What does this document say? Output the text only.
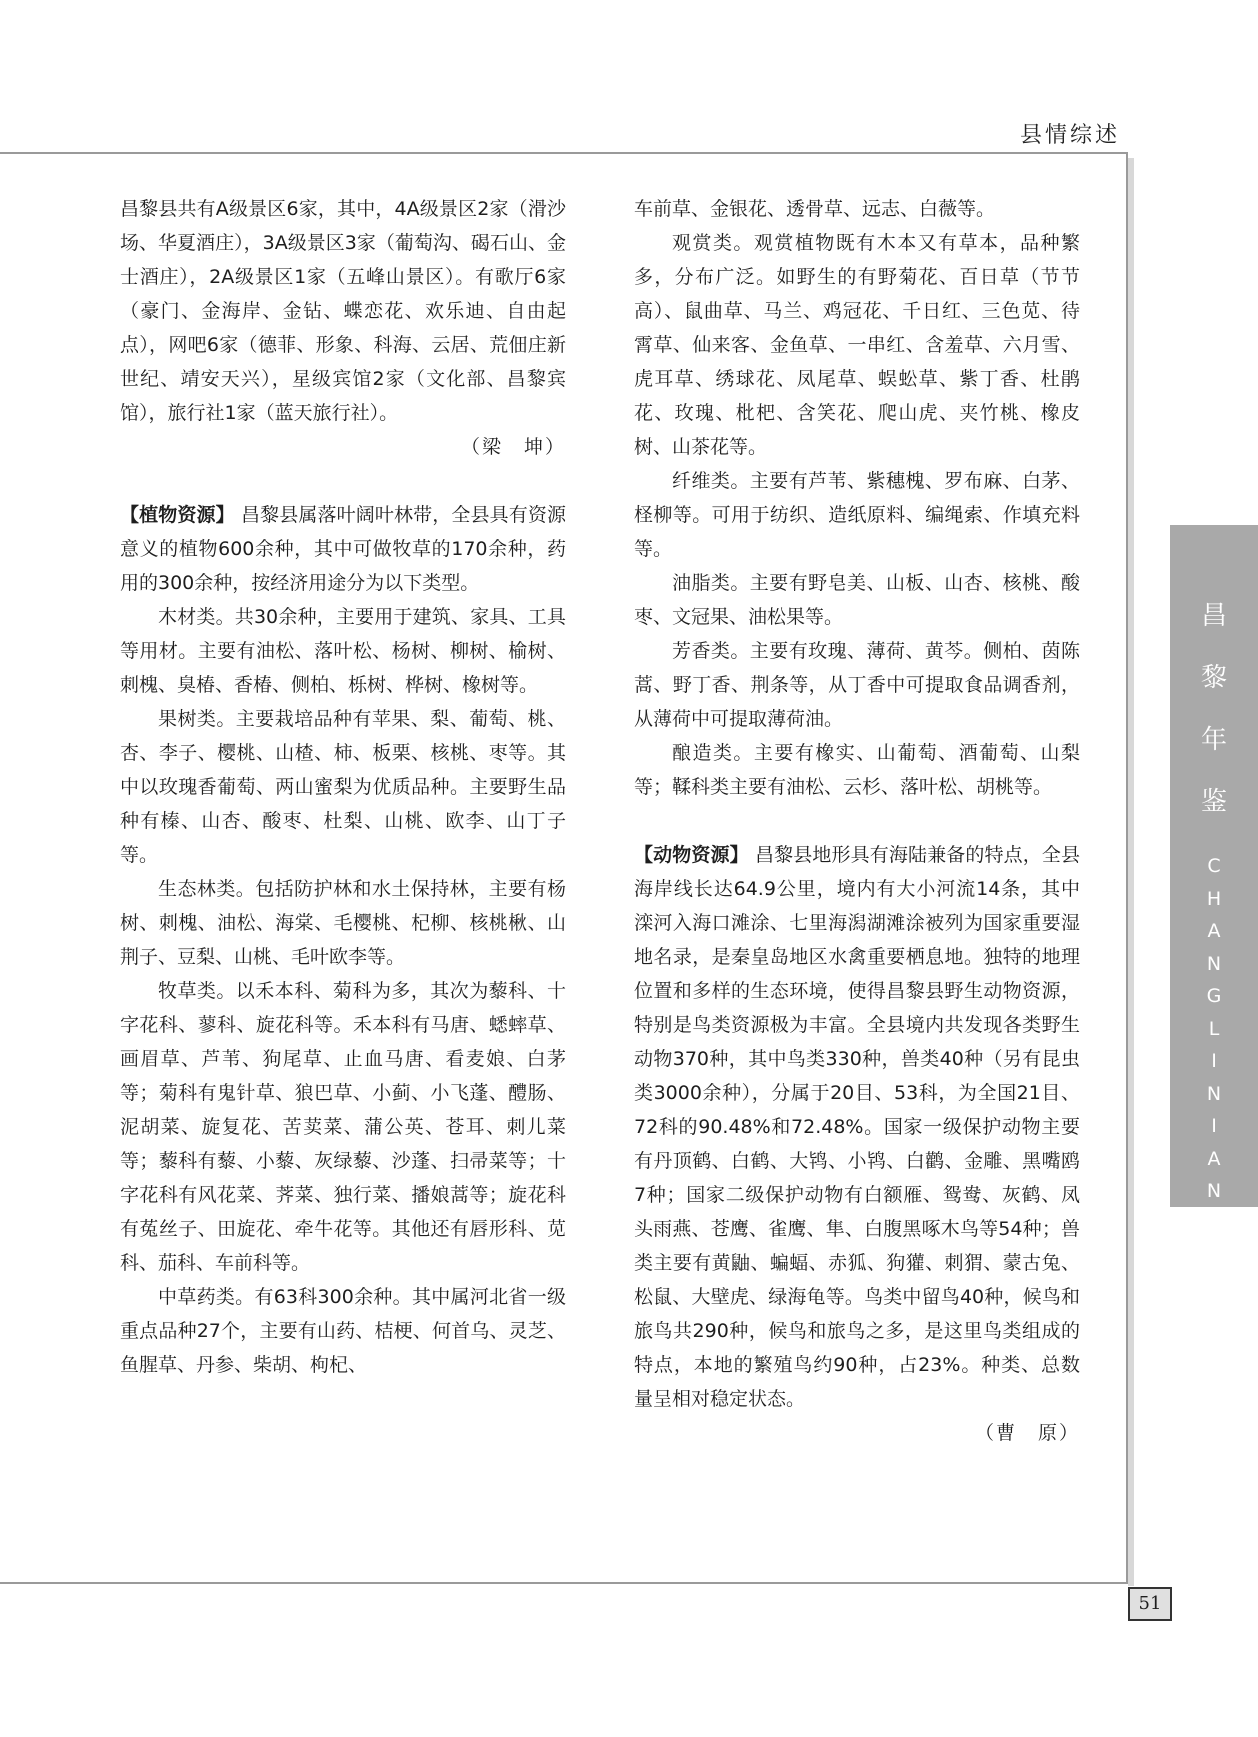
县情综述

昌黎县共有A级景区6家，其中，4A级景区2家（滑沙场、华夏酒庄），3A级景区3家（葡萄沟、碣石山、金士酒庄），2A级景区1家（五峰山景区）。有歌厅6家（豪门、金海岸、金钻、蝶恋花、欢乐迪、自由起点），网吧6家（德菲、形象、科海、云居、荒佃庄新世纪、靖安天兴），星级宾馆2家（文化部、昌黎宾馆），旅行社1家（蓝天旅行社）。

（梁　坤）

【植物资源】 昌黎县属落叶阔叶林带，全县具有资源意义的植物600余种，其中可做牧草的170余种，药用的300余种，按经济用途分为以下类型。

木材类。共30余种，主要用于建筑、家具、工具等用材。主要有油松、落叶松、杨树、柳树、榆树、刺槐、臭椿、香椿、侧柏、栎树、桦树、橡树等。

果树类。主要栽培品种有苹果、梨、葡萄、桃、杏、李子、樱桃、山楂、柿、板栗、核桃、枣等。其中以玫瑰香葡萄、两山蜜梨为优质品种。主要野生品种有榛、山杏、酸枣、杜梨、山桃、欧李、山丁子等。

生态林类。包括防护林和水土保持林，主要有杨树、刺槐、油松、海棠、毛樱桃、杞柳、核桃楸、山荆子、豆梨、山桃、毛叶欧李等。

牧草类。以禾本科、菊科为多，其次为藜科、十字花科、蓼科、旋花科等。禾本科有马唐、蟋蟀草、画眉草、芦苇、狗尾草、止血马唐、看麦娘、白茅等；菊科有鬼针草、狼巴草、小蓟、小飞蓬、醴肠、泥胡菜、旋复花、苦荬菜、蒲公英、苍耳、刺儿菜等；藜科有藜、小藜、灰绿藜、沙蓬、扫帚菜等；十字花科有风花菜、荠菜、独行菜、播娘蒿等；旋花科有菟丝子、田旋花、牵牛花等。其他还有唇形科、苋科、茄科、车前科等。

中草药类。有63科300余种。其中属河北省一级重点品种27个，主要有山药、桔梗、何首乌、灵芝、鱼腥草、丹参、柴胡、枸杞、

车前草、金银花、透骨草、远志、白薇等。

观赏类。观赏植物既有木本又有草本，品种繁多，分布广泛。如野生的有野菊花、百日草（节节高）、鼠曲草、马兰、鸡冠花、千日红、三色苋、待霄草、仙来客、金鱼草、一串红、含羞草、六月雪、虎耳草、绣球花、凤尾草、蜈蚣草、紫丁香、杜鹃花、玫瑰、枇杷、含笑花、爬山虎、夹竹桃、橡皮树、山茶花等。

纤维类。主要有芦苇、紫穗槐、罗布麻、白茅、柽柳等。可用于纺织、造纸原料、编绳索、作填充料等。

油脂类。主要有野皂美、山板、山杏、核桃、酸枣、文冠果、油松果等。

芳香类。主要有玫瑰、薄荷、黄芩。侧柏、茵陈蒿、野丁香、荆条等，从丁香中可提取食品调香剂，从薄荷中可提取薄荷油。

酿造类。主要有橡实、山葡萄、酒葡萄、山梨等；鞣科类主要有油松、云杉、落叶松、胡桃等。

【动物资源】 昌黎县地形具有海陆兼备的特点，全县海岸线长达64.9公里，境内有大小河流14条，其中滦河入海口滩涂、七里海潟湖滩涂被列为国家重要湿地名录，是秦皇岛地区水禽重要栖息地。独特的地理位置和多样的生态环境，使得昌黎县野生动物资源，特别是鸟类资源极为丰富。全县境内共发现各类野生动物370种，其中鸟类330种，兽类40种（另有昆虫类3000余种），分属于20目、53科，为全国21目、72科的90.48%和72.48%。国家一级保护动物主要有丹顶鹤、白鹤、大鸨、小鸨、白鹳、金雕、黑嘴鸥7种；国家二级保护动物有白额雁、鸳鸯、灰鹤、凤头雨燕、苍鹰、雀鹰、隼、白腹黑啄木鸟等54种；兽类主要有黄鼬、蝙蝠、赤狐、狗獾、刺猬、蒙古兔、松鼠、大壁虎、绿海龟等。鸟类中留鸟40种，候鸟和旅鸟共290种，候鸟和旅鸟之多，是这里鸟类组成的特点，本地的繁殖鸟约90种，占23%。种类、总数量呈相对稳定状态。

（曹　原）

昌
黎
年
鉴
C
H
A
N
G
L
I
N
I
A
N
J
I
A
N
51
